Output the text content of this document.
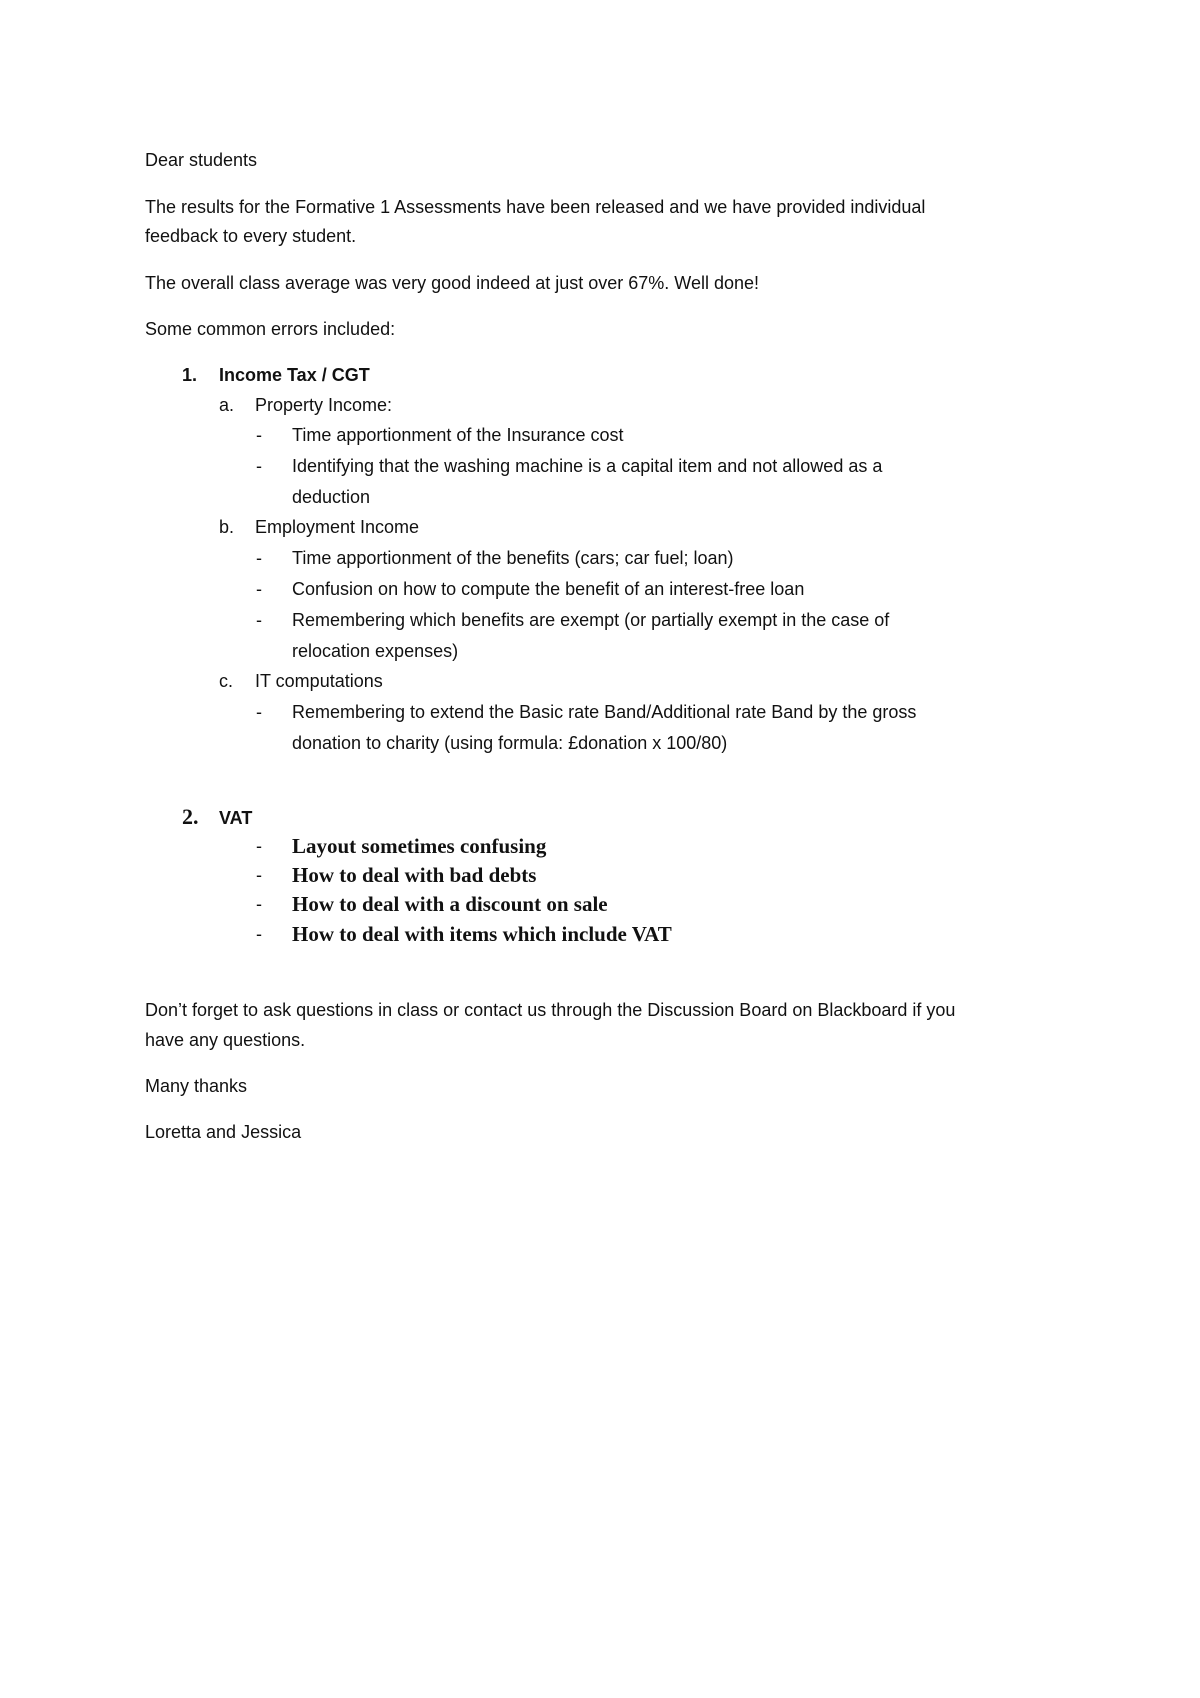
Dear students

The results for the Formative 1 Assessments have been released and we have provided individual

feedback to every student.

The overall class average was very good indeed at just over 67%. Well done!

Some common errors included:

1. Income Tax / CGT

a. Property Income:

- Time apportionment of the Insurance cost

- Identifying that the washing machine is a capital item and not allowed as a

deduction

b. Employment Income

- Time apportionment of the benefits (cars; car fuel; loan)

- Confusion on how to compute the benefit of an interest-free loan

- Remembering which benefits are exempt (or partially exempt in the case of

relocation expenses)

c. IT computations

- Remembering to extend the Basic rate Band/Additional rate Band by the gross

donation to charity (using formula: £donation x 100/80)

2. VAT

- Layout sometimes confusing

- How to deal with bad debts

- How to deal with a discount on sale

- How to deal with items which include VAT

Don’t forget to ask questions in class or contact us through the Discussion Board on Blackboard if you

have any questions.

Many thanks

Loretta and Jessica
